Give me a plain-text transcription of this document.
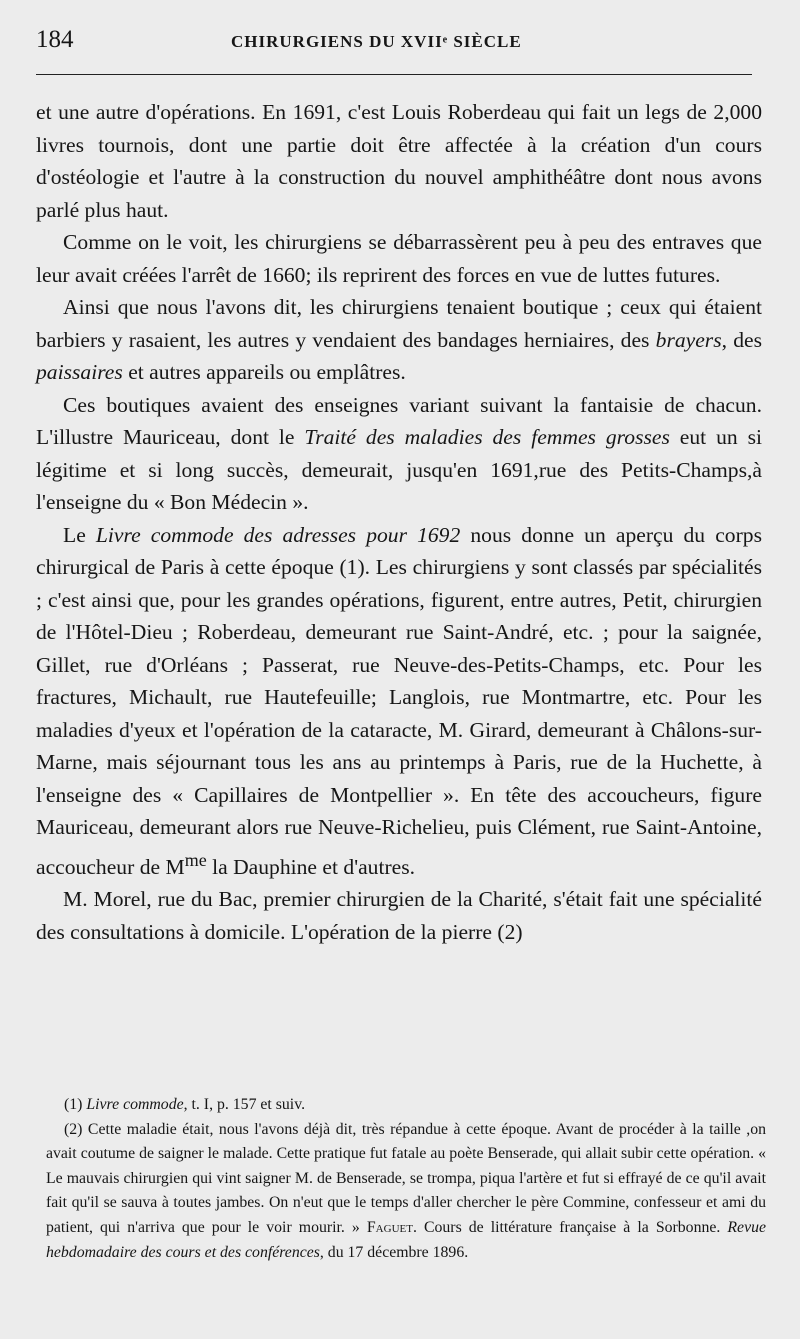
184	CHIRURGIENS DU XVIIᵉ SIÈCLE

et une autre d'opérations. En 1691, c'est Louis Roberdeau qui fait un legs de 2,000 livres tournois, dont une partie doit être affectée à la création d'un cours d'ostéologie et l'autre à la construction du nouvel amphithéâtre dont nous avons parlé plus haut.

Comme on le voit, les chirurgiens se débarrassèrent peu à peu des entraves que leur avait créées l'arrêt de 1660; ils reprirent des forces en vue de luttes futures.

Ainsi que nous l'avons dit, les chirurgiens tenaient boutique ; ceux qui étaient barbiers y rasaient, les autres y vendaient des bandages herniaires, des brayers, des paissaires et autres appareils ou emplâtres.

Ces boutiques avaient des enseignes variant suivant la fantaisie de chacun. L'illustre Mauriceau, dont le Traité des maladies des femmes grosses eut un si légitime et si long succès, demeurait, jusqu'en 1691,rue des Petits-Champs,à l'enseigne du « Bon Médecin ».

Le Livre commode des adresses pour 1692 nous donne un aperçu du corps chirurgical de Paris à cette époque (1). Les chirurgiens y sont classés par spécialités ; c'est ainsi que, pour les grandes opérations, figurent, entre autres, Petit, chirurgien de l'Hôtel-Dieu ; Roberdeau, demeurant rue Saint-André, etc. ; pour la saignée, Gillet, rue d'Orléans ; Passerat, rue Neuve-des-Petits-Champs, etc. Pour les fractures, Michault, rue Hautefeuille; Langlois, rue Montmartre, etc. Pour les maladies d'yeux et l'opération de la cataracte, M. Girard, demeurant à Châlons-sur-Marne, mais séjournant tous les ans au printemps à Paris, rue de la Huchette, à l'enseigne des « Capillaires de Montpellier ». En tête des accoucheurs, figure Mauriceau, demeurant alors rue Neuve-Richelieu, puis Clément, rue Saint-Antoine, accoucheur de $M^{me}$ la Dauphine et d'autres.

M. Morel, rue du Bac, premier chirurgien de la Charité, s'était fait une spécialité des consultations à domicile. L'opération de la pierre (2)

(1) Livre commode, t. I, p. 157 et suiv.

(2) Cette maladie était, nous l'avons déjà dit, très répandue à cette époque. Avant de procéder à la taille ,on avait coutume de saigner le malade. Cette pratique fut fatale au poète Benserade, qui allait subir cette opération. « Le mauvais chirurgien qui vint saigner M. de Benserade, se trompa, piqua l'artère et fut si effrayé de ce qu'il avait fait qu'il se sauva à toutes jambes. On n'eut que le temps d'aller chercher le père Commine, confesseur et ami du patient, qui n'arriva que pour le voir mourir. » Faguet. Cours de littérature française à la Sorbonne. Revue hebdomadaire des cours et des conférences, du 17 décembre 1896.
